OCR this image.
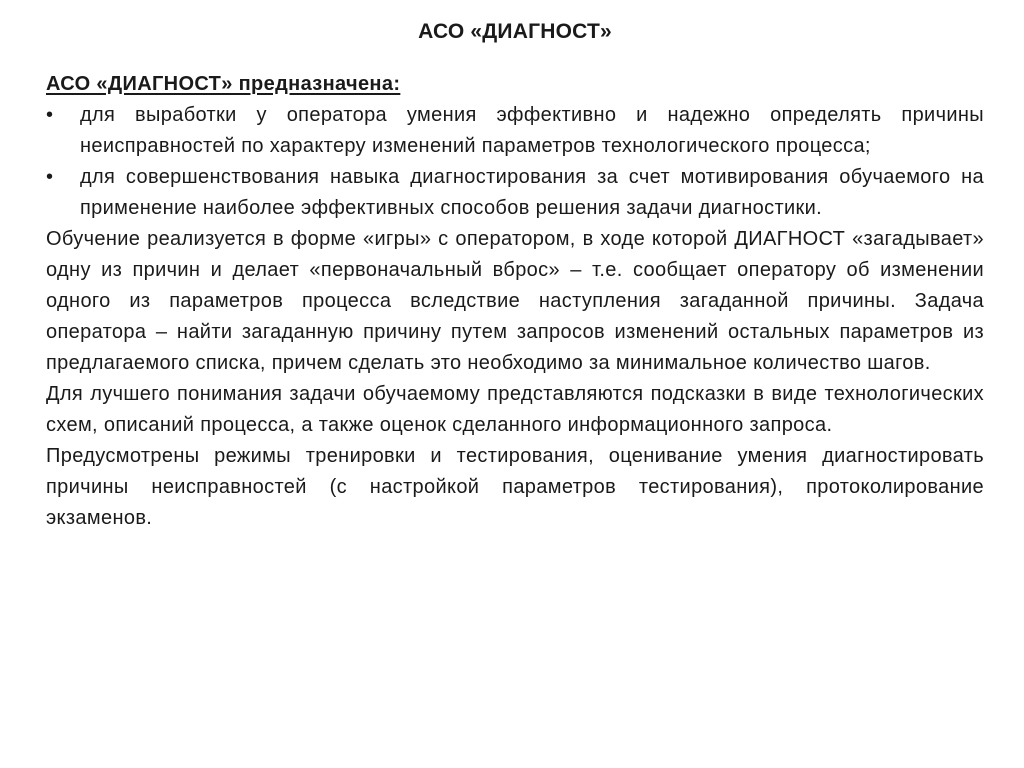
АСО «ДИАГНОСТ»

АСО «ДИАГНОСТ» предназначена:

• для выработки у оператора умения эффективно и надежно определять причины неисправностей по характеру изменений параметров технологического процесса;
• для совершенствования навыка диагностирования за счет мотивирования обучаемого на применение наиболее эффективных способов решения задачи диагностики.

Обучение реализуется в форме «игры» с оператором, в ходе которой ДИАГНОСТ «загадывает» одну из причин и делает «первоначальный вброс» – т.е. сообщает оператору об изменении одного из параметров процесса вследствие наступления загаданной причины. Задача оператора – найти загаданную причину путем запросов изменений остальных параметров из предлагаемого списка, причем сделать это необходимо за минимальное количество шагов.

Для лучшего понимания задачи обучаемому представляются подсказки в виде технологических схем, описаний процесса, а также оценок сделанного информационного запроса.

Предусмотрены режимы тренировки и тестирования, оценивание умения диагностировать причины неисправностей (с настройкой параметров тестирования), протоколирование экзаменов.
